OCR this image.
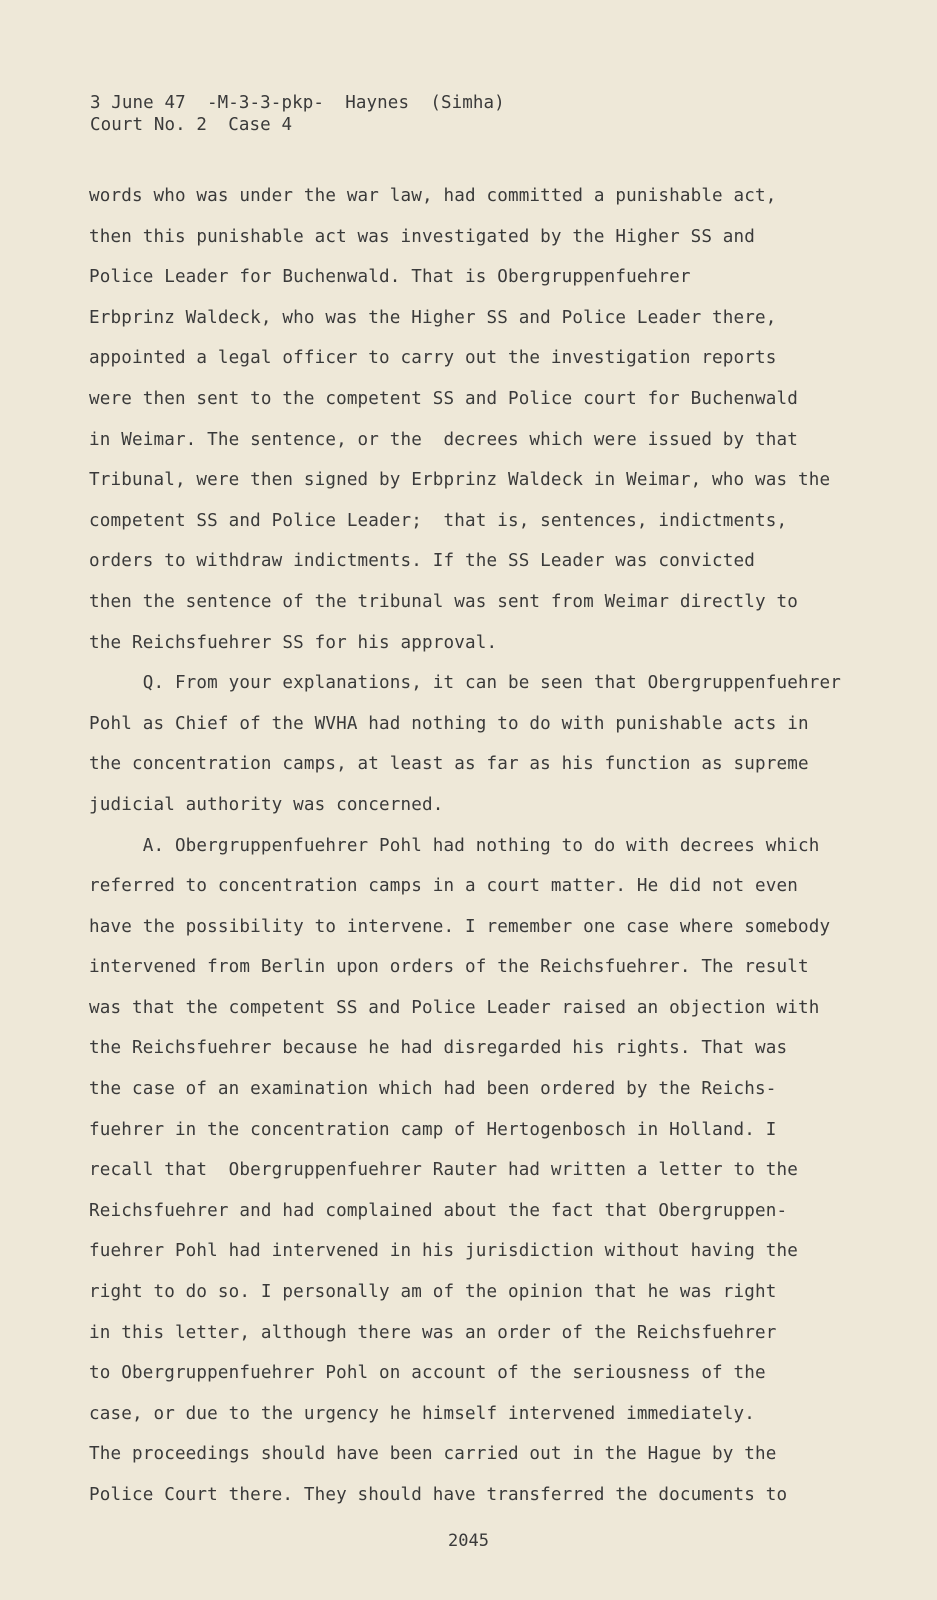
3 June 47  -M-3-3-pkp-  Haynes  (Simha)
Court No. 2  Case 4
words who was under the war law, had committed a punishable act,
then this punishable act was investigated by the Higher SS and
Police Leader for Buchenwald. That is Obergruppenfuehrer
Erbprinz Waldeck, who was the Higher SS and Police Leader there,
appointed a legal officer to carry out the investigation reports
were then sent to the competent SS and Police court for Buchenwald
in Weimar. The sentence, or the  decrees which were issued by that
Tribunal, were then signed by Erbprinz Waldeck in Weimar, who was the
competent SS and Police Leader;  that is, sentences, indictments,
orders to withdraw indictments. If the SS Leader was convicted
then the sentence of the tribunal was sent from Weimar directly to
the Reichsfuehrer SS for his approval.
Q. From your explanations, it can be seen that Obergruppenfuehrer
Pohl as Chief of the WVHA had nothing to do with punishable acts in
the concentration camps, at least as far as his function as supreme
judicial authority was concerned.
A. Obergruppenfuehrer Pohl had nothing to do with decrees which
referred to concentration camps in a court matter. He did not even
have the possibility to intervene. I remember one case where somebody
intervened from Berlin upon orders of the Reichsfuehrer. The result
was that the competent SS and Police Leader raised an objection with
the Reichsfuehrer because he had disregarded his rights. That was
the case of an examination which had been ordered by the Reichs-
fuehrer in the concentration camp of Hertogenbosch in Holland. I
recall that  Obergruppenfuehrer Rauter had written a letter to the
Reichsfuehrer and had complained about the fact that Obergruppen-
fuehrer Pohl had intervened in his jurisdiction without having the
right to do so. I personally am of the opinion that he was right
in this letter, although there was an order of the Reichsfuehrer
to Obergruppenfuehrer Pohl on account of the seriousness of the
case, or due to the urgency he himself intervened immediately.
The proceedings should have been carried out in the Hague by the
Police Court there. They should have transferred the documents to
2045
